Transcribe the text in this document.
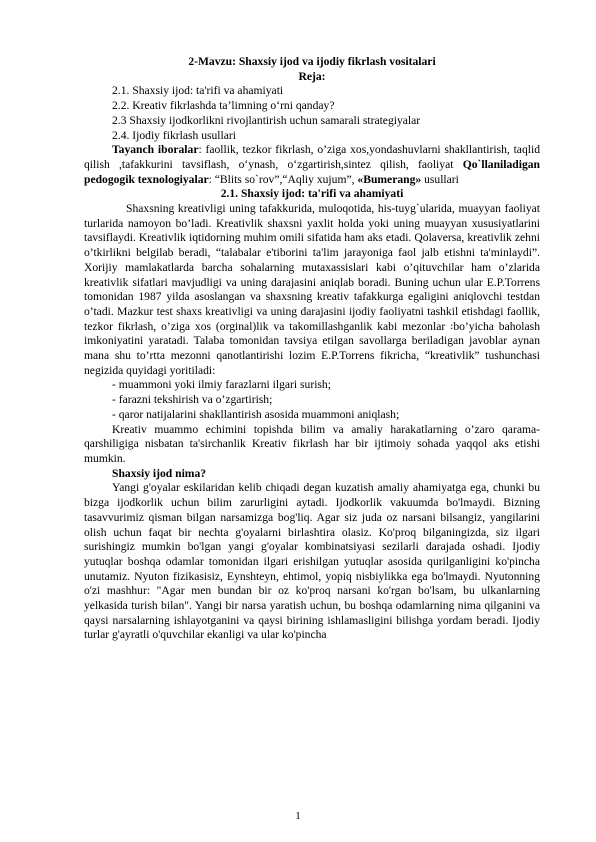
2-Mavzu: Shaxsiy ijod va ijodiy fikrlash vositalari
Reja:

2.1. Shaxsiy ijod: ta'rifi va ahamiyati

2.2. Kreativ fikrlashda ta’limning o‘rni qanday?

2.3 Shaxsiy ijodkorlikni rivojlantirish uchun samarali strategiyalar

2.4. Ijodiy fikrlash usullari

Tayanch iboralar: faollik, tezkor fikrlash, o’ziga xos,yondashuvlarni shakllantirish, taqlid qilish ,tafakkurini tavsiflash, o‘ynash, o‘zgartirish,sintez qilish, faoliyat Qo`llaniladigan pedogogik texnologiyalar: “Blits so`rov”,“Aqliy xujum”, «Bumerang» usullari

2.1. Shaxsiy ijod: ta'rifi va ahamiyati

Shaxsning kreativligi uning tafakkurida, muloqotida, his-tuyg`ularida, muayyan faoliyat turlarida namoyon bo’ladi. Kreativlik shaxsni yaxlit holda yoki uning muayyan xususiyatlarini tavsiflaydi. Kreativlik iqtidorning muhim omili sifatida ham aks etadi. Qolaversa, kreativlik zehni o’tkirlikni belgilab beradi, “talabalar e'tiborini ta'lim jarayoniga faol jalb etishni ta'minlaydi”. Xorijiy mamlakatlarda barcha sohalarning mutaxassislari kabi o’qituvchilar ham o’zlarida kreativlik sifatlari mavjudligi va uning darajasini aniqlab boradi. Buning uchun ular E.P.Torrens tomonidan 1987 yilda asoslangan va shaxsning kreativ tafakkurga egaligini aniqlovchi testdan o’tadi. Mazkur test shaxs kreativligi va uning darajasini ijodiy faoliyatni tashkil etishdagi faollik, tezkor fikrlash, o’ziga xos (orginal)lik va takomillashganlik kabi mezonlar ꞉bo’yicha baholash imkoniyatini yaratadi. Talaba tomonidan tavsiya etilgan savollarga beriladigan javoblar aynan mana shu to’rtta mezonni qanotlantirishi lozim E.P.Torrens fikricha, “kreativlik” tushunchasi negizida quyidagi yoritiladi:

- muammoni yoki ilmiy farazlarni ilgari surish;

- farazni tekshirish va o’zgartirish;

- qaror natijalarini shakllantirish asosida muammoni aniqlash;

Kreativ muammo echimini topishda bilim va amaliy harakatlarning o’zaro qarama-qarshiligiga nisbatan ta'sirchanlik Kreativ fikrlash har bir ijtimoiy sohada yaqqol aks etishi mumkin.

Shaxsiy ijod nima?

Yangi g'oyalar eskilaridan kelib chiqadi degan kuzatish amaliy ahamiyatga ega, chunki bu bizga ijodkorlik uchun bilim zarurligini aytadi. Ijodkorlik vakuumda bo'lmaydi. Bizning tasavvurimiz qisman bilgan narsamizga bog'liq. Agar siz juda oz narsani bilsangiz, yangilarini olish uchun faqat bir nechta g'oyalarni birlashtira olasiz. Ko'proq bilganingizda, siz ilgari surishingiz mumkin bo'lgan yangi g'oyalar kombinatsiyasi sezilarli darajada oshadi. Ijodiy yutuqlar boshqa odamlar tomonidan ilgari erishilgan yutuqlar asosida qurilganligini ko'pincha unutamiz. Nyuton fizikasisiz, Eynshteyn, ehtimol, yopiq nisbiylikka ega bo'lmaydi. Nyutonning o'zi mashhur: "Agar men bundan bir oz ko'proq narsani ko'rgan bo'lsam, bu ulkanlarning yelkasida turish bilan". Yangi bir narsa yaratish uchun, bu boshqa odamlarning nima qilganini va qaysi narsalarning ishlayotganini va qaysi birining ishlamasligini bilishga yordam beradi. Ijodiy turlar g'ayratli o'quvchilar ekanligi va ular ko'pincha

1
